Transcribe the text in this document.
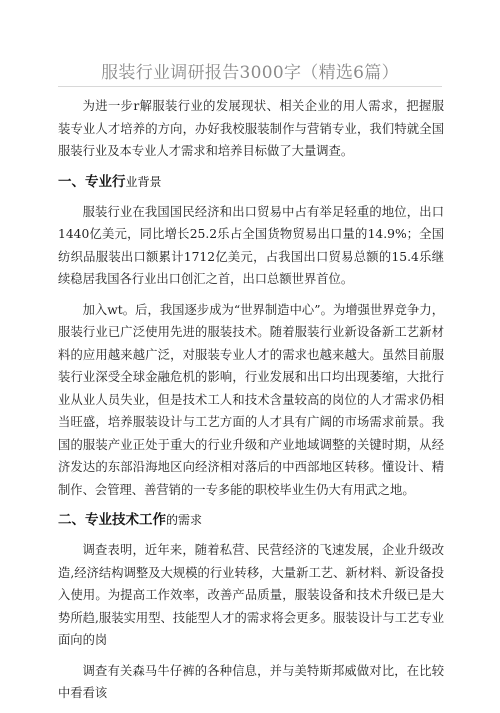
服装行业调研报告3000字（精选6篇）

为进一步r解服装行业的发展现状、相关企业的用人需求，把握服装专业人才培养的方向，办好我校服装制作与营销专业，我们特就全国服装行业及本专业人才需求和培养目标做了大量调查。

一、专业行业背景

服装行业在我国国民经济和出口贸易中占有举足轻重的地位，出口1440亿美元，同比增长25.2乐占全国货物贸易出口量的14.9%；全国纺织品服装出口额累计1712亿美元，占我国出口贸易总额的15.4乐继续稳居我国各行业出口创汇之首，出口总额世界首位。

加入wt。后，我国逐步成为“世界制造中心”。为增强世界竞争力，服装行业已广泛使用先进的服装技术。随着服装行业新设备新工艺新材料的应用越来越广泛，对服装专业人才的需求也越来越大。虽然目前服装行业深受全球金融危机的影响，行业发展和出口均出现萎缩，大批行业从业人员失业，但是技术工人和技术含量较高的岗位的人才需求仍相当旺盛，培养服装设计与工艺方面的人才具有广阔的市场需求前景。我国的服装产业正处于重大的行业升级和产业地域调整的关键时期，从经济发达的东部沿海地区向经济相对落后的中西部地区转移。懂设计、精制作、会管理、善营销的一专多能的职校毕业生仍大有用武之地。

二、专业技术工作的需求

调查表明，近年来，随着私营、民营经济的飞速发展，企业升级改造,经济结构调整及大规模的行业转移，大量新工艺、新材料、新设备投入使用。为提高工作效率，改善产品质量，服装设备和技术升级已是大势所趋,服装实用型、技能型人才的需求将会更多。服装设计与工艺专业面向的岗

调查有关森马牛仔裤的各种信息，并与美特斯邦威做对比，在比较中看看该
